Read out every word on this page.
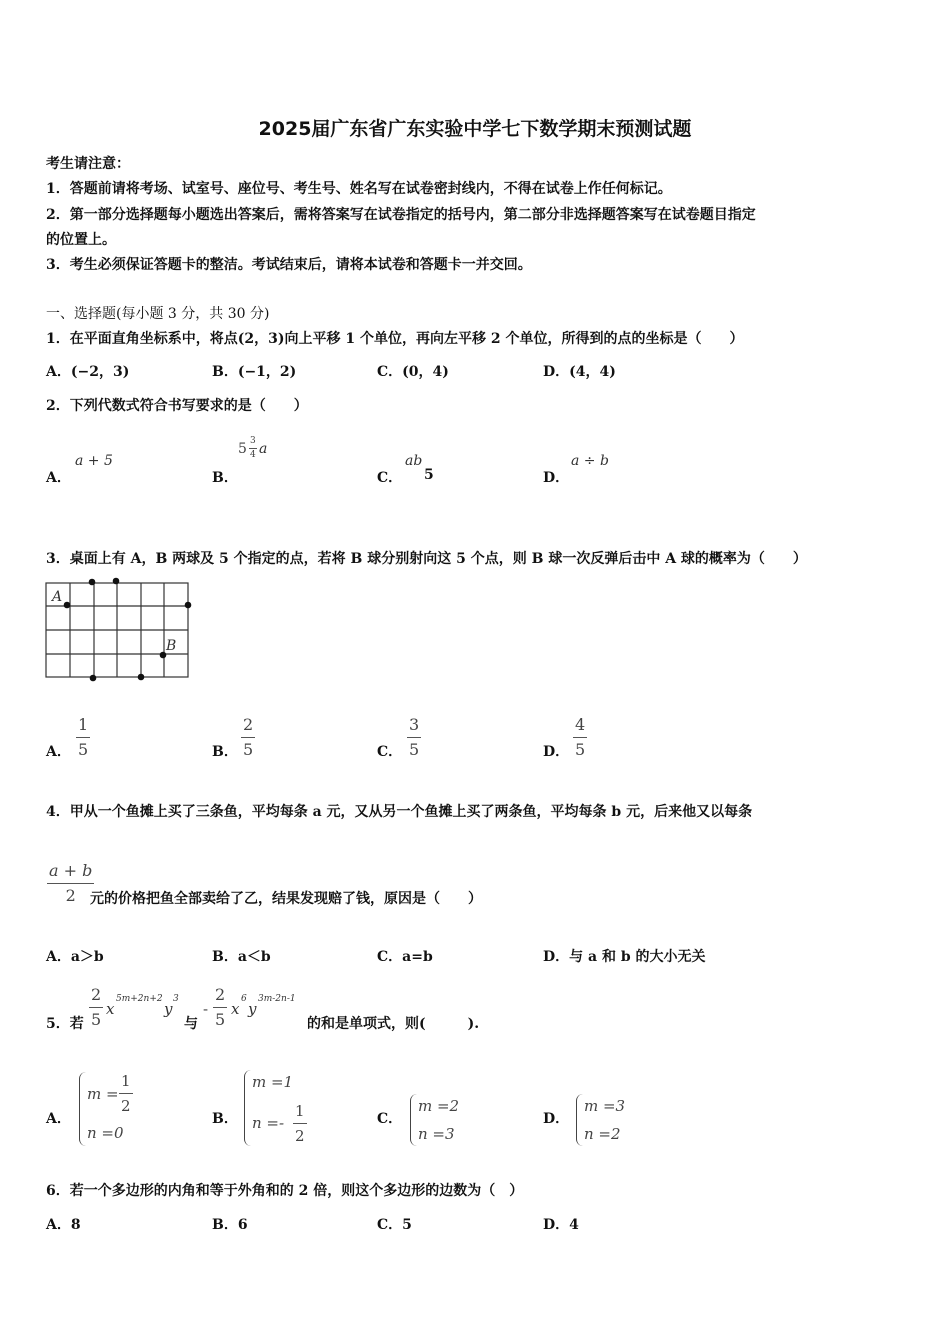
2025届广东省广东实验中学七下数学期末预测试题
考生请注意：
1．答题前请将考场、试室号、座位号、考生号、姓名写在试卷密封线内，不得在试卷上作任何标记。
2．第一部分选择题每小题选出答案后，需将答案写在试卷指定的括号内，第二部分非选择题答案写在试卷题目指定
的位置上。
3．考生必须保证答题卡的整洁。考试结束后，请将本试卷和答题卡一并交回。
一、选择题(每小题 3 分，共 30 分)
1．在平面直角坐标系中，将点(2，3)向上平移 1 个单位，再向左平移 2 个单位，所得到的点的坐标是（　　）
A．(−2，3)	B．(−1，2)	C．(0，4)	D．(4，4)
2．下列代数式符合书写要求的是（　　）
A．
a + 5
B．
5 3
4 a
C．
ab
5	D．
a ÷ b
3．桌面上有 A，B 两球及 5 个指定的点，若将 B 球分别射向这 5 个点，则 B 球一次反弹后击中 A 球的概率为（　　）
A
B
A．
1
5	B．
2
5	C．
3
5	D．
4
5
4．甲从一个鱼摊上买了三条鱼，平均每条 a 元，又从另一个鱼摊上买了两条鱼，平均每条 b 元，后来他又以每条
a + b
2 元的价格把鱼全部卖给了乙，结果发现赔了钱，原因是（　　）
A．a＞b	B．a＜b	C．a=b	D．与 a 和 b 的大小无关
5．若
2
5
x
5m+2n+2
y
3
与
-
2
5
x
6
y
3m-2n-1
的和是单项式，则(　　　).
A．
m =
1
2
n =0
B．
m =1
n =-
1
2
C．
m =2
n =3
D．
m =3
n =2
6．若一个多边形的内角和等于外角和的 2 倍，则这个多边形的边数为（　）
A．8	B．6	C．5	D．4
